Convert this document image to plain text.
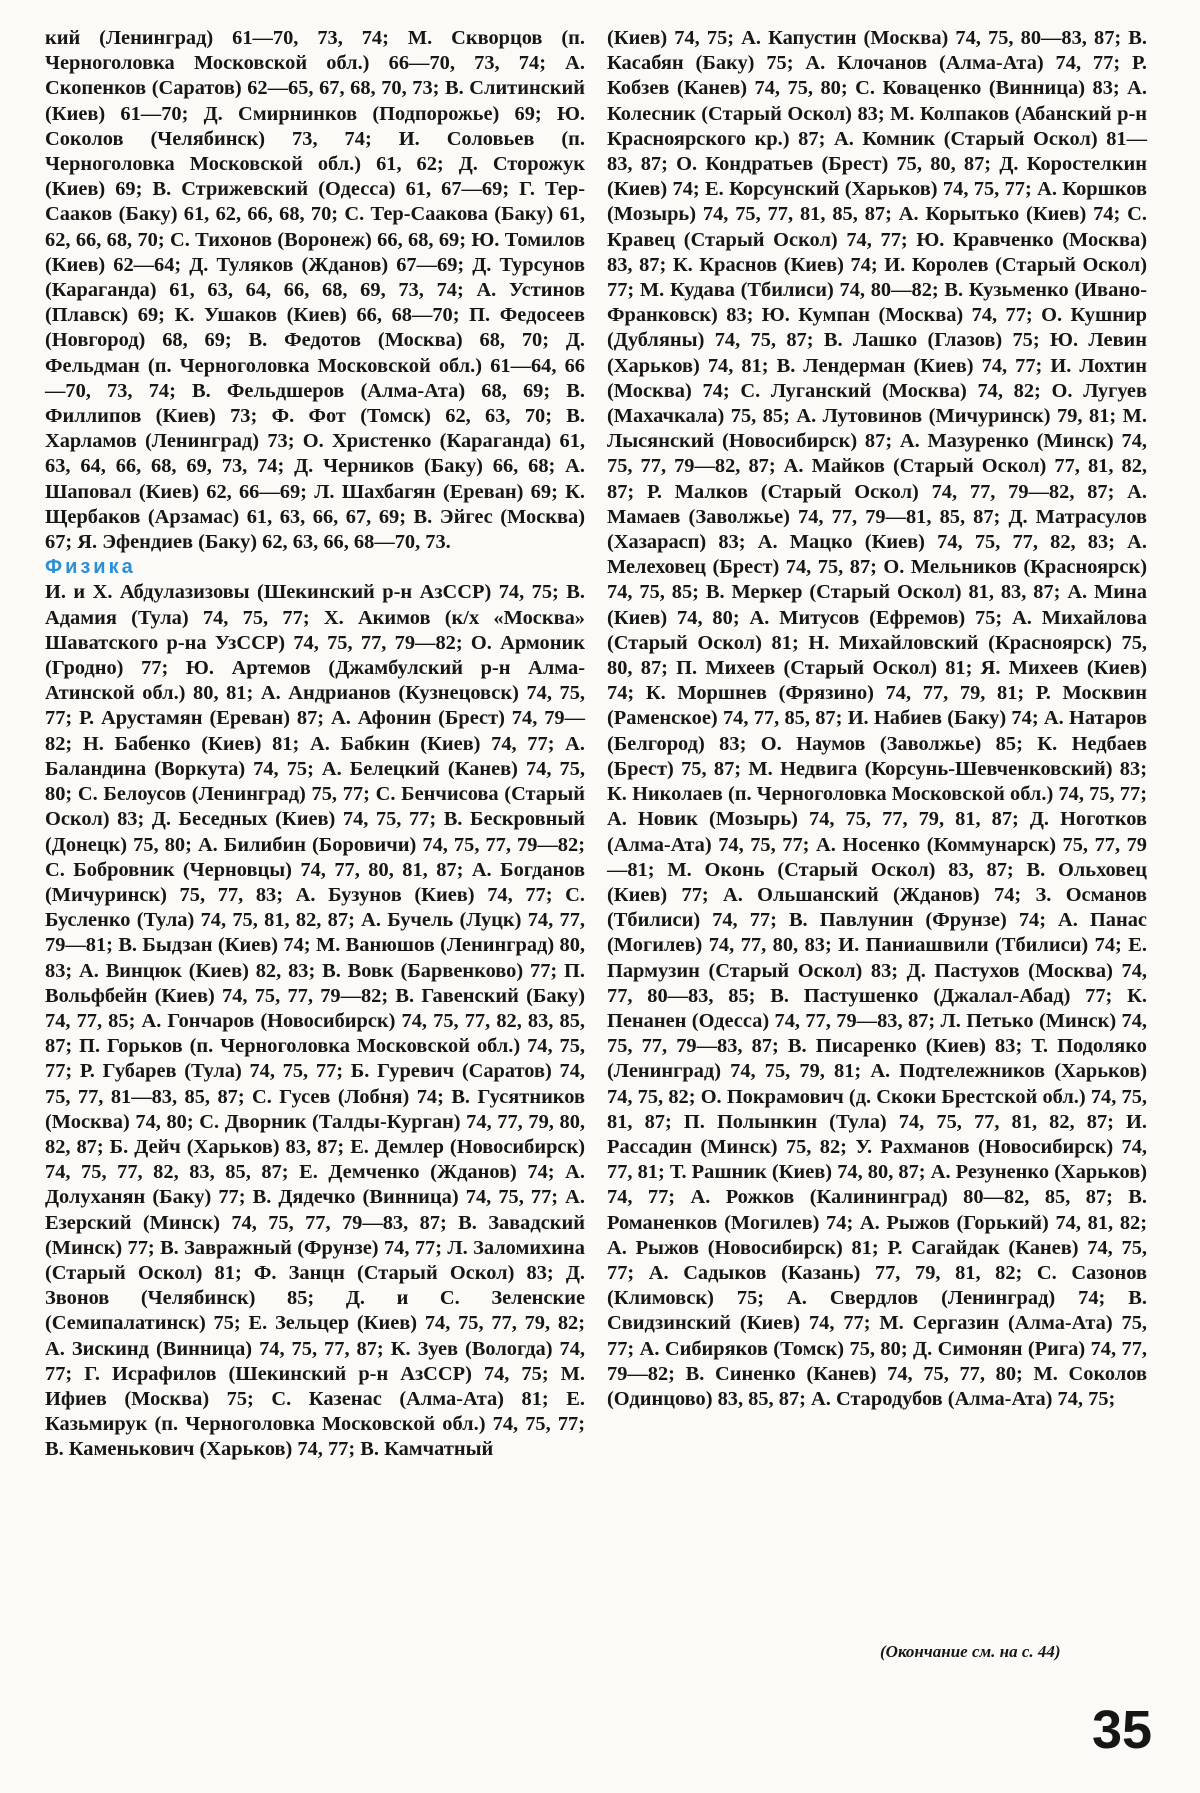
кий (Ленинград) 61—70, 73, 74; М. Скворцов (п. Черноголовка Московской обл.) 66—70, 73, 74; А. Скопенков (Саратов) 62—65, 67, 68, 70, 73; В. Слитинский (Киев) 61—70; Д. Смирнинков (Подпорожье) 69; Ю. Соколов (Челябинск) 73, 74; И. Соловьев (п. Черноголовка Московской обл.) 61, 62; Д. Сторожук (Киев) 69; В. Стрижевский (Одесса) 61, 67—69; Г. Тер-Сааков (Баку) 61, 62, 66, 68, 70; С. Тер-Саакова (Баку) 61, 62, 66, 68, 70; С. Тихонов (Воронеж) 66, 68, 69; Ю. Томилов (Киев) 62—64; Д. Туляков (Жданов) 67—69; Д. Турсунов (Караганда) 61, 63, 64, 66, 68, 69, 73, 74; А. Устинов (Плавск) 69; К. Ушаков (Киев) 66, 68—70; П. Федосеев (Новгород) 68, 69; В. Федотов (Москва) 68, 70; Д. Фельдман (п. Черноголовка Московской обл.) 61—64, 66—70, 73, 74; В. Фельдшеров (Алма-Ата) 68, 69; В. Филлипов (Киев) 73; Ф. Фот (Томск) 62, 63, 70; В. Харламов (Ленинград) 73; О. Христенко (Караганда) 61, 63, 64, 66, 68, 69, 73, 74; Д. Черников (Баку) 66, 68; А. Шаповал (Киев) 62, 66—69; Л. Шахбагян (Ереван) 69; К. Щербаков (Арзамас) 61, 63, 66, 67, 69; В. Эйгес (Москва) 67; Я. Эфендиев (Баку) 62, 63, 66, 68—70, 73.

Физика

И. и Х. Абдулазизовы (Шекинский р-н АзССР) 74, 75; В. Адамия (Тула) 74, 75, 77; Х. Акимов (к/х «Москва» Шаватского р-на УзССР) 74, 75, 77, 79—82; О. Армоник (Гродно) 77; Ю. Артемов (Джамбулский р-н Алма-Атинской обл.) 80, 81; А. Андрианов (Кузнецовск) 74, 75, 77; Р. Арустамян (Ереван) 87; А. Афонин (Брест) 74, 79—82; Н. Бабенко (Киев) 81; А. Бабкин (Киев) 74, 77; А. Баландина (Воркута) 74, 75; А. Белецкий (Канев) 74, 75, 80; С. Белоусов (Ленинград) 75, 77; С. Бенчисова (Старый Оскол) 83; Д. Беседных (Киев) 74, 75, 77; В. Бескровный (Донецк) 75, 80; А. Билибин (Боровичи) 74, 75, 77, 79—82; С. Бобровник (Черновцы) 74, 77, 80, 81, 87; А. Богданов (Мичуринск) 75, 77, 83; А. Бузунов (Киев) 74, 77; С. Бусленко (Тула) 74, 75, 81, 82, 87; А. Бучель (Луцк) 74, 77, 79—81; В. Быдзан (Киев) 74; М. Ванюшов (Ленинград) 80, 83; А. Винцюк (Киев) 82, 83; В. Вовк (Барвенково) 77; П. Вольфбейн (Киев) 74, 75, 77, 79—82; В. Гавенский (Баку) 74, 77, 85; А. Гончаров (Новосибирск) 74, 75, 77, 82, 83, 85, 87; П. Горьков (п. Черноголовка Московской обл.) 74, 75, 77; Р. Губарев (Тула) 74, 75, 77; Б. Гуревич (Саратов) 74, 75, 77, 81—83, 85, 87; С. Гусев (Лобня) 74; В. Гусятников (Москва) 74, 80; С. Дворник (Талды-Курган) 74, 77, 79, 80, 82, 87; Б. Дейч (Харьков) 83, 87; Е. Демлер (Новосибирск) 74, 75, 77, 82, 83, 85, 87; Е. Демченко (Жданов) 74; А. Долуханян (Баку) 77; В. Дядечко (Винница) 74, 75, 77; А. Езерский (Минск) 74, 75, 77, 79—83, 87; В. Завадский (Минск) 77; В. Завражный (Фрунзе) 74, 77; Л. Заломихина (Старый Оскол) 81; Ф. Занцн (Старый Оскол) 83; Д. Звонов (Челябинск) 85; Д. и С. Зеленские (Семипалатинск) 75; Е. Зельцер (Киев) 74, 75, 77, 79, 82; А. Зискинд (Винница) 74, 75, 77, 87; К. Зуев (Вологда) 74, 77; Г. Исрафилов (Шекинский р-н АзССР) 74, 75; М. Ифиев (Москва) 75; С. Казенас (Алма-Ата) 81; Е. Казьмирук (п. Черноголовка Московской обл.) 74, 75, 77; В. Каменькович (Харьков) 74, 77; В. Камчатный

(Киев) 74, 75; А. Капустин (Москва) 74, 75, 80—83, 87; В. Касабян (Баку) 75; А. Клочанов (Алма-Ата) 74, 77; Р. Кобзев (Канев) 74, 75, 80; С. Коваценко (Винница) 83; А. Колесник (Старый Оскол) 83; М. Колпаков (Абанский р-н Красноярского кр.) 87; А. Комник (Старый Оскол) 81—83, 87; О. Кондратьев (Брест) 75, 80, 87; Д. Коростелкин (Киев) 74; Е. Корсунский (Харьков) 74, 75, 77; А. Коршков (Мозырь) 74, 75, 77, 81, 85, 87; А. Корытько (Киев) 74; С. Кравец (Старый Оскол) 74, 77; Ю. Кравченко (Москва) 83, 87; К. Краснов (Киев) 74; И. Королев (Старый Оскол) 77; М. Кудава (Тбилиси) 74, 80—82; В. Кузьменко (Ивано-Франковск) 83; Ю. Кумпан (Москва) 74, 77; О. Кушнир (Дубляны) 74, 75, 87; В. Лашко (Глазов) 75; Ю. Левин (Харьков) 74, 81; В. Лендерман (Киев) 74, 77; И. Лохтин (Москва) 74; С. Луганский (Москва) 74, 82; О. Лугуев (Махачкала) 75, 85; А. Лутовинов (Мичуринск) 79, 81; М. Лысянский (Новосибирск) 87; А. Мазуренко (Минск) 74, 75, 77, 79—82, 87; А. Майков (Старый Оскол) 77, 81, 82, 87; Р. Малков (Старый Оскол) 74, 77, 79—82, 87; А. Мамаев (Заволжье) 74, 77, 79—81, 85, 87; Д. Матрасулов (Хазарасп) 83; А. Мацко (Киев) 74, 75, 77, 82, 83; А. Мелеховец (Брест) 74, 75, 87; О. Мельников (Красноярск) 74, 75, 85; В. Меркер (Старый Оскол) 81, 83, 87; А. Мина (Киев) 74, 80; А. Митусов (Ефремов) 75; А. Михайлова (Старый Оскол) 81; Н. Михайловский (Красноярск) 75, 80, 87; П. Михеев (Старый Оскол) 81; Я. Михеев (Киев) 74; К. Моршнев (Фрязино) 74, 77, 79, 81; Р. Москвин (Раменское) 74, 77, 85, 87; И. Набиев (Баку) 74; А. Натаров (Белгород) 83; О. Наумов (Заволжье) 85; К. Недбаев (Брест) 75, 87; М. Недвига (Корсунь-Шевченковский) 83; К. Николаев (п. Черноголовка Московской обл.) 74, 75, 77; А. Новик (Мозырь) 74, 75, 77, 79, 81, 87; Д. Ноготков (Алма-Ата) 74, 75, 77; А. Носенко (Коммунарск) 75, 77, 79—81; М. Оконь (Старый Оскол) 83, 87; В. Ольховец (Киев) 77; А. Ольшанский (Жданов) 74; З. Османов (Тбилиси) 74, 77; В. Павлунин (Фрунзе) 74; А. Панас (Могилев) 74, 77, 80, 83; И. Паниашвили (Тбилиси) 74; Е. Пармузин (Старый Оскол) 83; Д. Пастухов (Москва) 74, 77, 80—83, 85; В. Пастушенко (Джалал-Абад) 77; К. Пенанен (Одесса) 74, 77, 79—83, 87; Л. Петько (Минск) 74, 75, 77, 79—83, 87; В. Писаренко (Киев) 83; Т. Подоляко (Ленинград) 74, 75, 79, 81; А. Подтележников (Харьков) 74, 75, 82; О. Покрамович (д. Скоки Брестской обл.) 74, 75, 81, 87; П. Полынкин (Тула) 74, 75, 77, 81, 82, 87; И. Рассадин (Минск) 75, 82; У. Рахманов (Новосибирск) 74, 77, 81; Т. Рашник (Киев) 74, 80, 87; А. Резуненко (Харьков) 74, 77; А. Рожков (Калининград) 80—82, 85, 87; В. Романенков (Могилев) 74; А. Рыжов (Горький) 74, 81, 82; А. Рыжов (Новосибирск) 81; Р. Сагайдак (Канев) 74, 75, 77; А. Садыков (Казань) 77, 79, 81, 82; С. Сазонов (Климовск) 75; А. Свердлов (Ленинград) 74; В. Свидзинский (Киев) 74, 77; М. Сергазин (Алма-Ата) 75, 77; А. Сибиряков (Томск) 75, 80; Д. Симонян (Рига) 74, 77, 79—82; В. Синенко (Канев) 74, 75, 77, 80; М. Соколов (Одинцово) 83, 85, 87; А. Стародубов (Алма-Ата) 74, 75;

(Окончание см. на с. 44)
35
